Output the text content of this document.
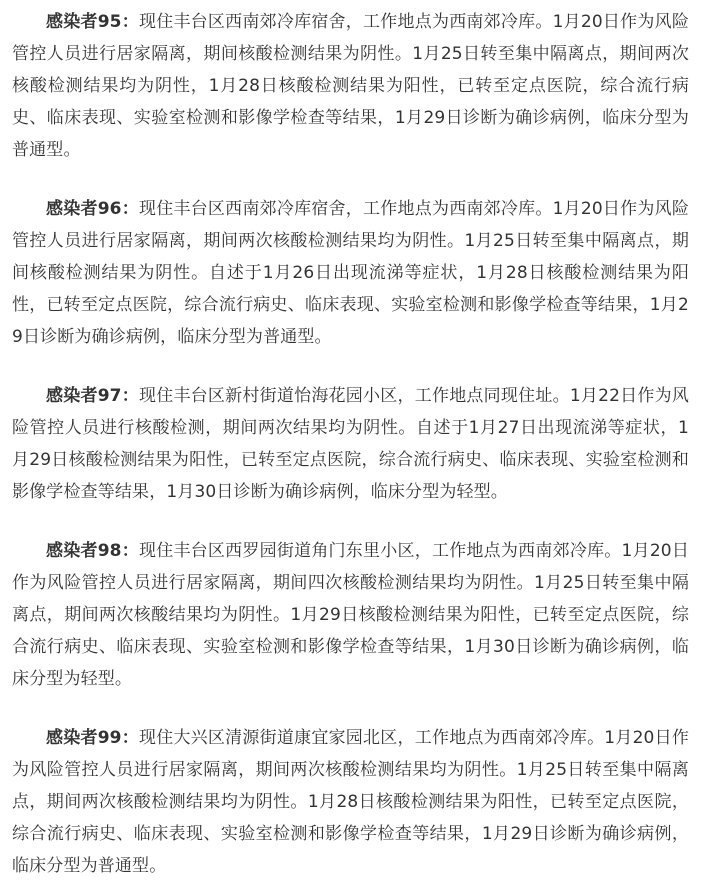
感染者95：现住丰台区西南郊冷库宿舍，工作地点为西南郊冷库。1月20日作为风险管控人员进行居家隔离，期间核酸检测结果为阴性。1月25日转至集中隔离点，期间两次核酸检测结果均为阴性，1月28日核酸检测结果为阳性，已转至定点医院，综合流行病史、临床表现、实验室检测和影像学检查等结果，1月29日诊断为确诊病例，临床分型为普通型。

感染者96：现住丰台区西南郊冷库宿舍，工作地点为西南郊冷库。1月20日作为风险管控人员进行居家隔离，期间两次核酸检测结果均为阴性。1月25日转至集中隔离点，期间核酸检测结果为阴性。自述于1月26日出现流涕等症状，1月28日核酸检测结果为阳性，已转至定点医院，综合流行病史、临床表现、实验室检测和影像学检查等结果，1月29日诊断为确诊病例，临床分型为普通型。

感染者97：现住丰台区新村街道怡海花园小区，工作地点同现住址。1月22日作为风险管控人员进行核酸检测，期间两次结果均为阴性。自述于1月27日出现流涕等症状，1月29日核酸检测结果为阳性，已转至定点医院，综合流行病史、临床表现、实验室检测和影像学检查等结果，1月30日诊断为确诊病例，临床分型为轻型。

感染者98：现住丰台区西罗园街道角门东里小区，工作地点为西南郊冷库。1月20日作为风险管控人员进行居家隔离，期间四次核酸检测结果均为阴性。1月25日转至集中隔离点，期间两次核酸结果均为阴性。1月29日核酸检测结果为阳性，已转至定点医院，综合流行病史、临床表现、实验室检测和影像学检查等结果，1月30日诊断为确诊病例，临床分型为轻型。

感染者99：现住大兴区清源街道康宜家园北区，工作地点为西南郊冷库。1月20日作为风险管控人员进行居家隔离，期间两次核酸检测结果均为阴性。1月25日转至集中隔离点，期间两次核酸检测结果均为阴性。1月28日核酸检测结果为阳性，已转至定点医院，综合流行病史、临床表现、实验室检测和影像学检查等结果，1月29日诊断为确诊病例，临床分型为普通型。
